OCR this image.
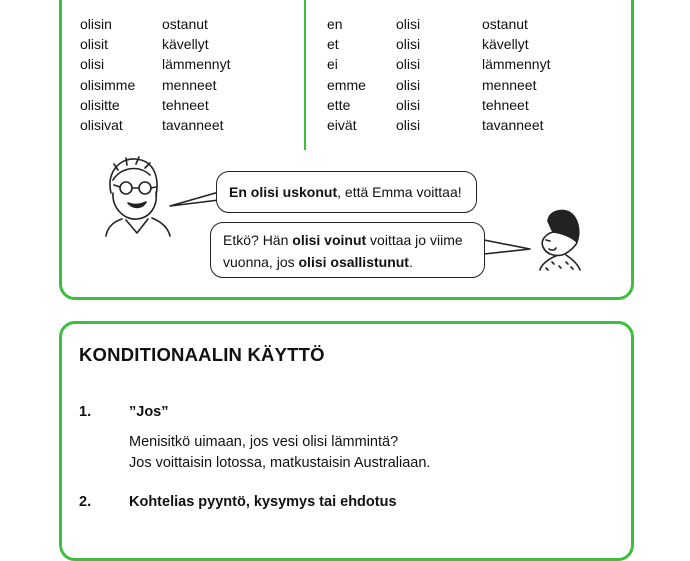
olisin
olisit
olisi
olisimme
olisitte
olisivat
ostanut
kävellyt
lämmennyt
menneet
tehneet
tavanneet
en
et
ei
emme
ette
eivät
olisi
olisi
olisi
olisi
olisi
olisi
ostanut
kävellyt
lämmennyt
menneet
tehneet
tavanneet
En olisi uskonut, että Emma voittaa!
Etkö? Hän olisi voinut voittaa jo viime
vuonna, jos olisi osallistunut.
KONDITIONAALIN KÄYTTÖ
1.	”Jos”
Menisitkö uimaan, jos vesi olisi lämmintä?
Jos voittaisin lotossa, matkustaisin Australiaan.
2.	Kohtelias pyyntö, kysymys tai ehdotus
